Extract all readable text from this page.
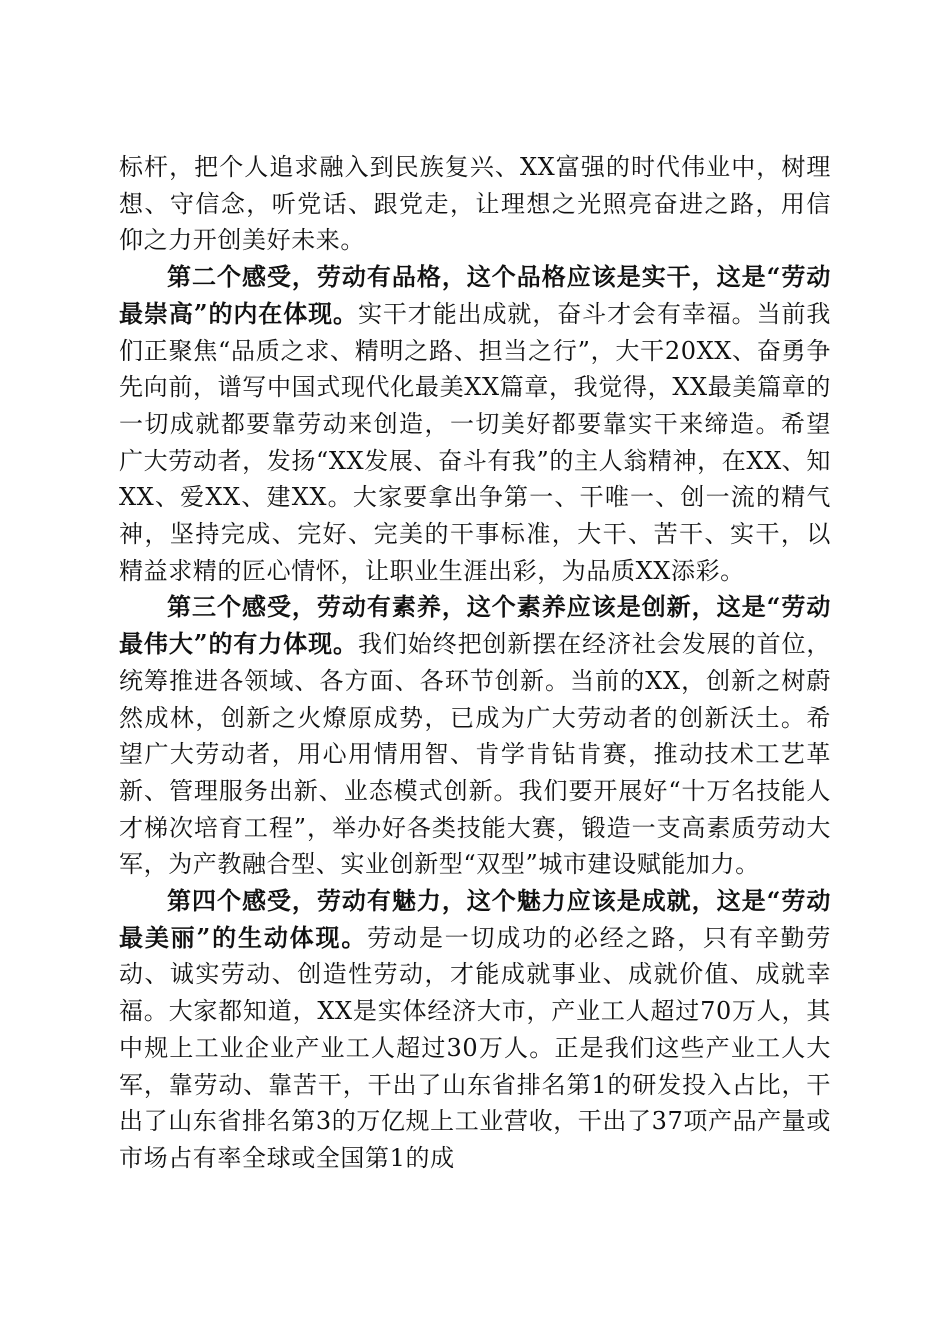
标杆，把个人追求融入到民族复兴、XX富强的时代伟业中，树理想、守信念，听党话、跟党走，让理想之光照亮奋进之路，用信仰之力开创美好未来。

第二个感受，劳动有品格，这个品格应该是实干，这是“劳动最崇高”的内在体现。实干才能出成就，奋斗才会有幸福。当前我们正聚焦“品质之求、精明之路、担当之行”，大干20XX、奋勇争先向前，谱写中国式现代化最美XX篇章，我觉得，XX最美篇章的一切成就都要靠劳动来创造，一切美好都要靠实干来缔造。希望广大劳动者，发扬“XX发展、奋斗有我”的主人翁精神，在XX、知XX、爱XX、建XX。大家要拿出争第一、干唯一、创一流的精气神，坚持完成、完好、完美的干事标准，大干、苦干、实干，以精益求精的匠心情怀，让职业生涯出彩，为品质XX添彩。

第三个感受，劳动有素养，这个素养应该是创新，这是“劳动最伟大”的有力体现。我们始终把创新摆在经济社会发展的首位，统筹推进各领域、各方面、各环节创新。当前的XX，创新之树蔚然成林，创新之火燎原成势，已成为广大劳动者的创新沃土。希望广大劳动者，用心用情用智、肯学肯钻肯赛，推动技术工艺革新、管理服务出新、业态模式创新。我们要开展好“十万名技能人才梯次培育工程”，举办好各类技能大赛，锻造一支高素质劳动大军，为产教融合型、实业创新型“双型”城市建设赋能加力。

第四个感受，劳动有魅力，这个魅力应该是成就，这是“劳动最美丽”的生动体现。劳动是一切成功的必经之路，只有辛勤劳动、诚实劳动、创造性劳动，才能成就事业、成就价值、成就幸福。大家都知道，XX是实体经济大市，产业工人超过70万人，其中规上工业企业产业工人超过30万人。正是我们这些产业工人大军，靠劳动、靠苦干，干出了山东省排名第1的研发投入占比，干出了山东省排名第3的万亿规上工业营收，干出了37项产品产量或市场占有率全球或全国第1的成
